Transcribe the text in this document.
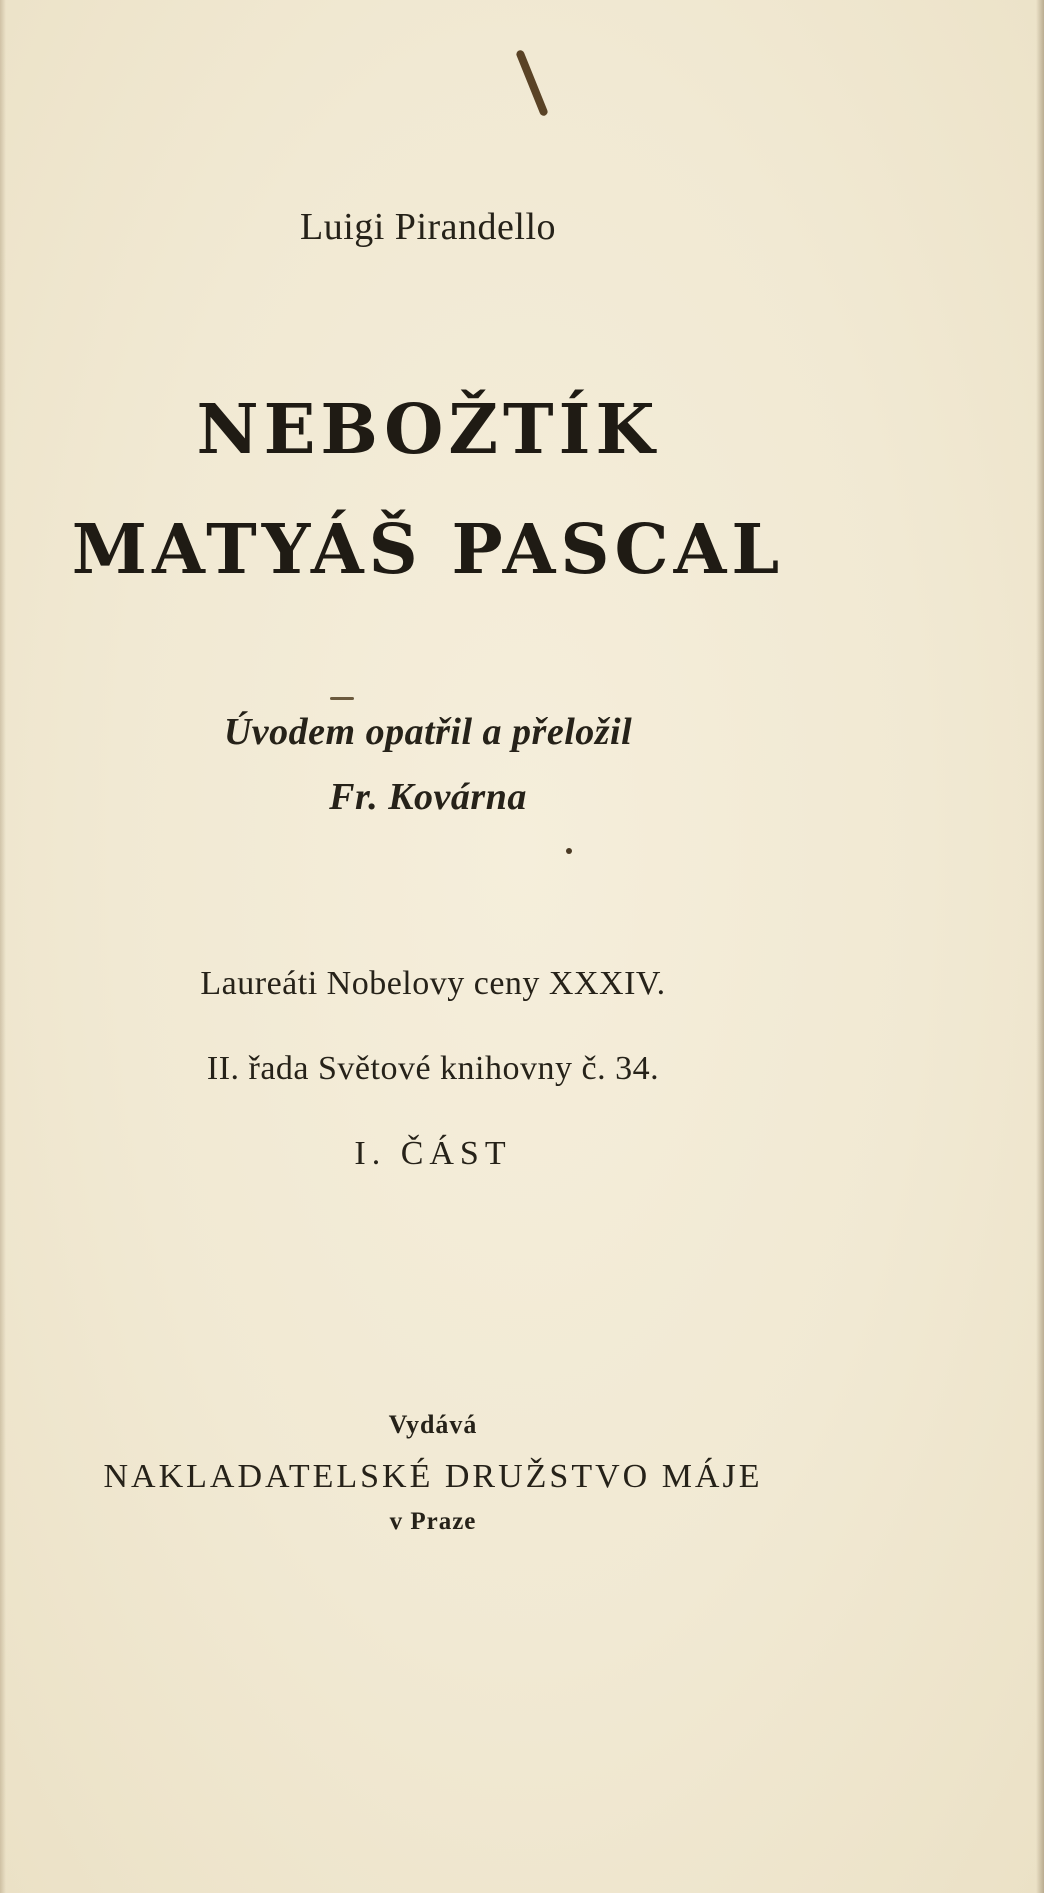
Luigi Pirandello
NEBOŽTÍK
MATYÁŠ PASCAL
Úvodem opatřil a přeložil
Fr. Kovárna
Laureáti Nobelovy ceny XXXIV.
II. řada Světové knihovny č. 34.
I. ČÁST
Vydává
NAKLADATELSKÉ DRUŽSTVO MÁJE
v Praze
